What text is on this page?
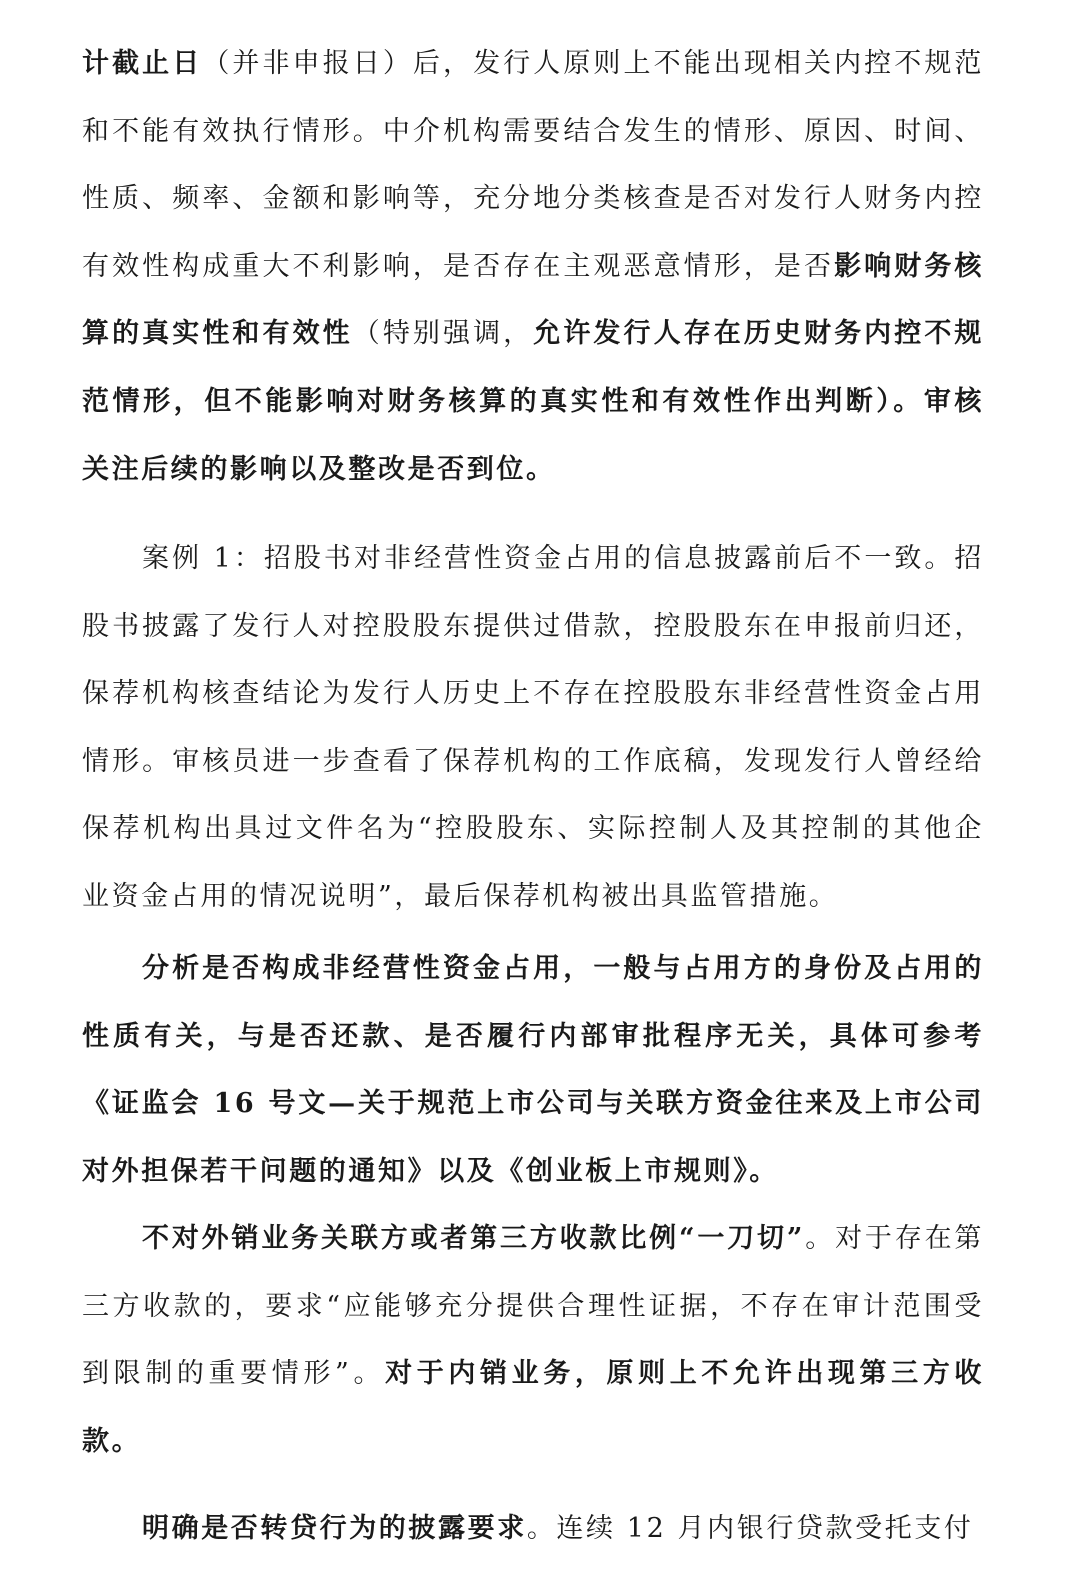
计截止日（并非申报日）后，发行人原则上不能出现相关内控不规范和不能有效执行情形。中介机构需要结合发生的情形、原因、时间、性质、频率、金额和影响等，充分地分类核查是否对发行人财务内控有效性构成重大不利影响，是否存在主观恶意情形，是否影响财务核算的真实性和有效性（特别强调，允许发行人存在历史财务内控不规范情形，但不能影响对财务核算的真实性和有效性作出判断）。审核关注后续的影响以及整改是否到位。

案例 1：招股书对非经营性资金占用的信息披露前后不一致。招股书披露了发行人对控股股东提供过借款，控股股东在申报前归还，保荐机构核查结论为发行人历史上不存在控股股东非经营性资金占用情形。审核员进一步查看了保荐机构的工作底稿，发现发行人曾经给保荐机构出具过文件名为“控股股东、实际控制人及其控制的其他企业资金占用的情况说明”，最后保荐机构被出具监管措施。

分析是否构成非经营性资金占用，一般与占用方的身份及占用的性质有关，与是否还款、是否履行内部审批程序无关，具体可参考《证监会 16 号文—关于规范上市公司与关联方资金往来及上市公司对外担保若干问题的通知》以及《创业板上市规则》。

不对外销业务关联方或者第三方收款比例“一刀切”。对于存在第三方收款的，要求“应能够充分提供合理性证据，不存在审计范围受到限制的重要情形”。对于内销业务，原则上不允许出现第三方收款。

明确是否转贷行为的披露要求。连续 12 月内银行贷款受托支付
